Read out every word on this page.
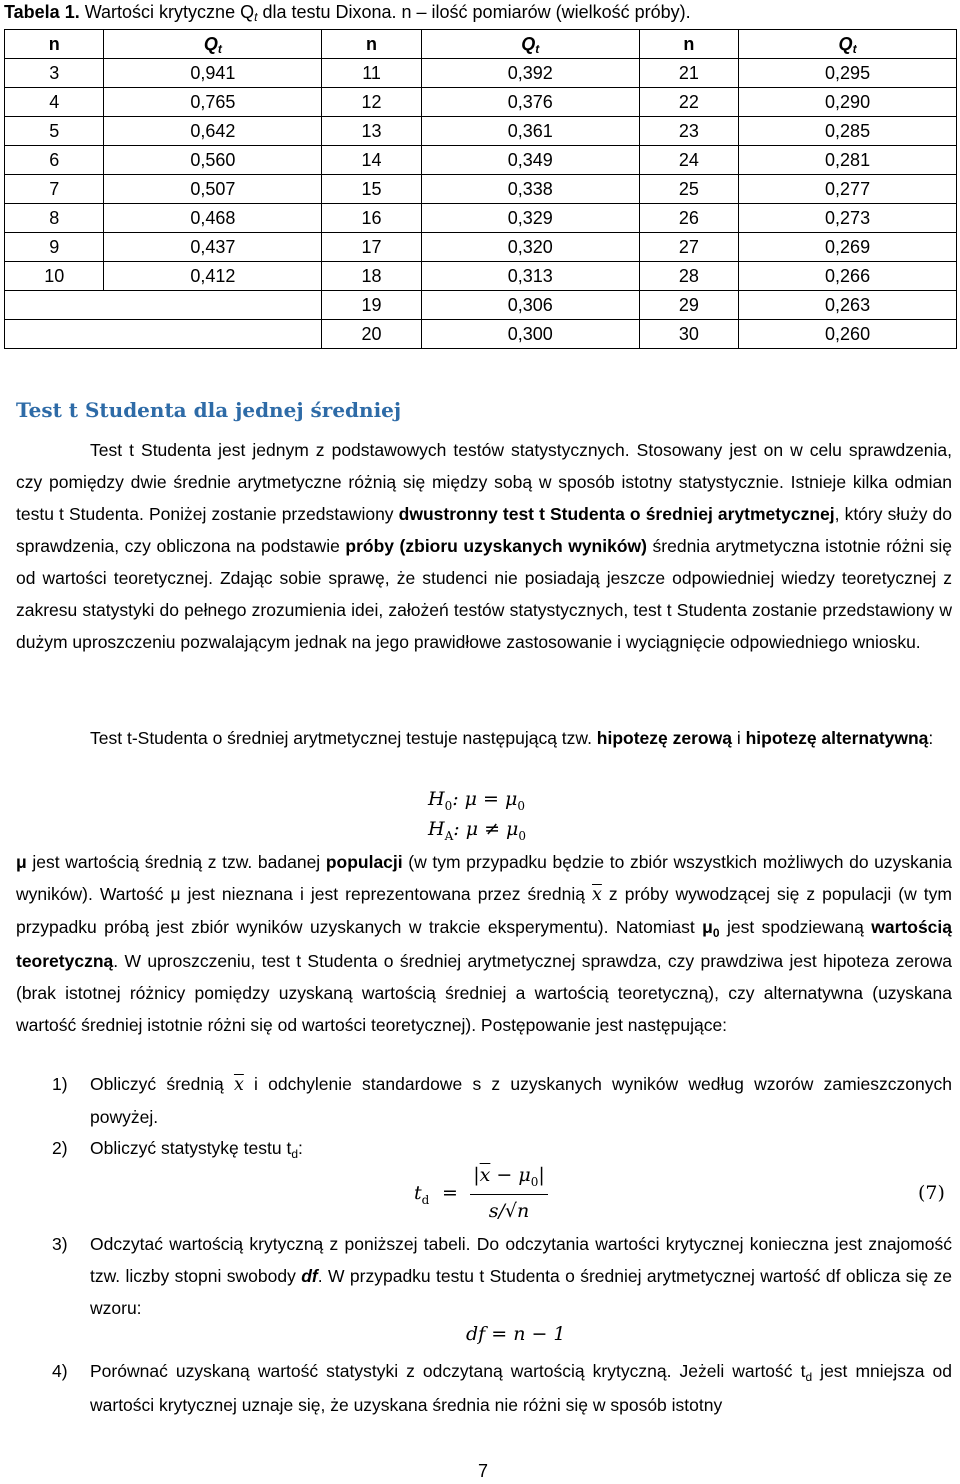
Tabela 1. Wartości krytyczne Qt dla testu Dixona. n – ilość pomiarów (wielkość próby).
n	Qt	n	Qt	n	Qt
3	0,941	11	0,392	21	0,295
4	0,765	12	0,376	22	0,290
5	0,642	13	0,361	23	0,285
6	0,560	14	0,349	24	0,281
7	0,507	15	0,338	25	0,277
8	0,468	16	0,329	26	0,273
9	0,437	17	0,320	27	0,269
10	0,412	18	0,313	28	0,266
		19	0,306	29	0,263
		20	0,300	30	0,260
Test t Studenta dla jednej średniej
Test t Studenta jest jednym z podstawowych testów statystycznych. Stosowany jest on w celu sprawdzenia, czy pomiędzy dwie średnie arytmetyczne różnią się między sobą w sposób istotny statystycznie. Istnieje kilka odmian testu t Studenta. Poniżej zostanie przedstawiony dwustronny test t Studenta o średniej arytmetycznej, który służy do sprawdzenia, czy obliczona na podstawie próby (zbioru uzyskanych wyników) średnia arytmetyczna istotnie różni się od wartości teoretycznej. Zdając sobie sprawę, że studenci nie posiadają jeszcze odpowiedniej wiedzy teoretycznej z zakresu statystyki do pełnego zrozumienia idei, założeń testów statystycznych, test t Studenta zostanie przedstawiony w dużym uproszczeniu pozwalającym jednak na jego prawidłowe zastosowanie i wyciągnięcie odpowiedniego wniosku.
Test t-Studenta o średniej arytmetycznej testuje następującą tzw. hipotezę zerową i hipotezę alternatywną:
$H_0$: $\mu = \mu_0$
$H_A$: $\mu \ne \mu_0$
μ jest wartością średnią z tzw. badanej populacji (w tym przypadku będzie to zbiór wszystkich możliwych do uzyskania wyników). Wartość μ jest nieznana i jest reprezentowana przez średnią $\overline{x}$ z próby wywodzącej się z populacji (w tym przypadku próbą jest zbiór wyników uzyskanych w trakcie eksperymentu). Natomiast $\mu_0$ jest spodziewaną wartością teoretyczną. W uproszczeniu, test t Studenta o średniej arytmetycznej sprawdza, czy prawdziwa jest hipoteza zerowa (brak istotnej różnicy pomiędzy uzyskaną wartością średniej a wartością teoretyczną), czy alternatywna (uzyskana wartość średniej istotnie różni się od wartości teoretycznej). Postępowanie jest następujące:
1) Obliczyć średnią $\overline{x}$ i odchylenie standardowe s z uzyskanych wyników według wzorów zamieszczonych powyżej.
2) Obliczyć statystykę testu $t_d$:
$t_d$ =
$|\overline{x} - \mu_0|$
s/√n
(7)
3) Odczytać wartością krytyczną z poniższej tabeli. Do odczytania wartości krytycznej konieczna jest znajomość tzw. liczby stopni swobody df. W przypadku testu t Studenta o średniej arytmetycznej wartość df oblicza się ze wzoru:
df = n − 1
4) Porównać uzyskaną wartość statystyki z odczytaną wartością krytyczną. Jeżeli wartość $t_d$ jest mniejsza od wartości krytycznej uznaje się, że uzyskana średnia nie różni się w sposób istotny
7
